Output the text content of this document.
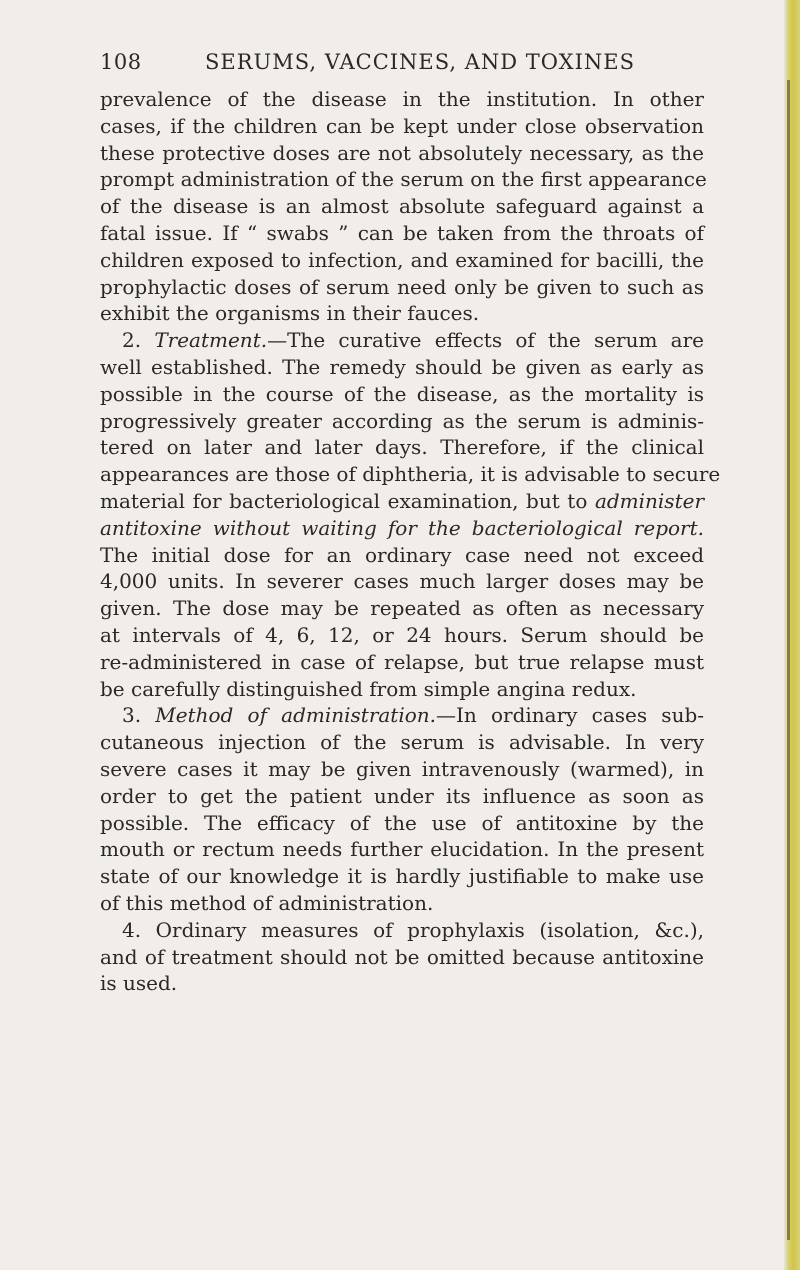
108	SERUMS, VACCINES, AND TOXINES
prevalence of the disease in the institution. In other
cases, if the children can be kept under close observation
these protective doses are not absolutely necessary, as the
prompt administration of the serum on the first appearance
of the disease is an almost absolute safeguard against a
fatal issue. If “ swabs ” can be taken from the throats of
children exposed to infection, and examined for bacilli, the
prophylactic doses of serum need only be given to such as
exhibit the organisms in their fauces.
2. Treatment.—The curative effects of the serum are
well established. The remedy should be given as early as
possible in the course of the disease, as the mortality is
progressively greater according as the serum is adminis-
tered on later and later days. Therefore, if the clinical
appearances are those of diphtheria, it is advisable to secure
material for bacteriological examination, but to administer
antitoxine without waiting for the bacteriological report.
The initial dose for an ordinary case need not exceed
4,000 units. In severer cases much larger doses may be
given. The dose may be repeated as often as necessary
at intervals of 4, 6, 12, or 24 hours. Serum should be
re-administered in case of relapse, but true relapse must
be carefully distinguished from simple angina redux.
3. Method of administration.—In ordinary cases sub-
cutaneous injection of the serum is advisable. In very
severe cases it may be given intravenously (warmed), in
order to get the patient under its influence as soon as
possible. The efficacy of the use of antitoxine by the
mouth or rectum needs further elucidation. In the present
state of our knowledge it is hardly justifiable to make use
of this method of administration.
4. Ordinary measures of prophylaxis (isolation, &c.),
and of treatment should not be omitted because antitoxine
is used.
